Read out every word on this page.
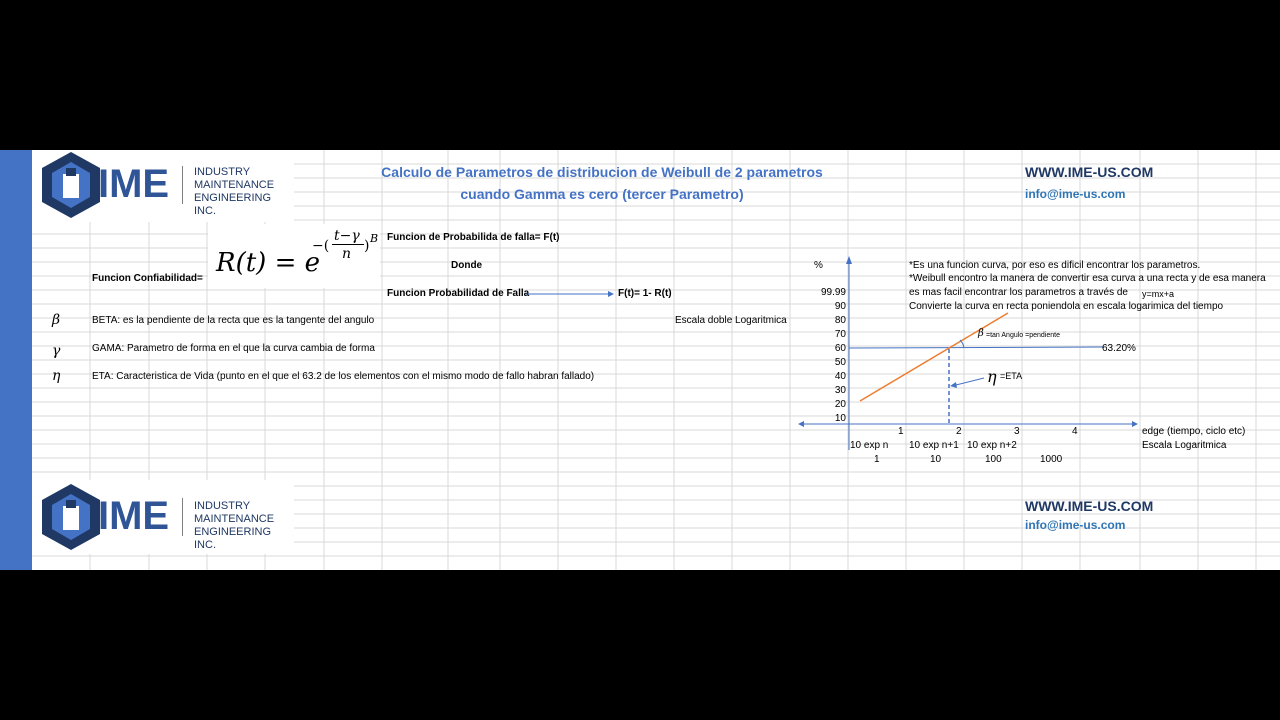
IME INDUSTRY
MAINTENANCE
ENGINEERING INC.
Calculo de Parametros de distribucion de Weibull de 2 parametros
cuando Gamma es cero (tercer Parametro)
WWW.IME-US.COM
info@ime-us.com
Funcion de Probabilida de falla= F(t)
Funcion Confiabilidad=
Donde
R(t) = e
−(
t−γ
n ) B
Funcion Probabilidad de Falla	F(t)= 1- R(t)
Escala doble Logaritmica
β	BETA: es la pendiente de la recta que es la tangente del angulo
γ	GAMA: Parametro de forma en el que la curva cambia de forma
η	ETA: Caracteristica de Vida (punto en el que el 63.2 de los elementos con el mismo modo de fallo habran fallado)
%
99.99
90
80
70
60
50
40
30
20
10
β =tan Angulo =pendiente
63.20%
η =ETA
1	2	3	4	edge (tiempo, ciclo etc)
10 exp n 10 exp n+1 10 exp n+2	Escala Logaritmica
1	10	100	1000
*Es una funcion curva, por eso es dificil encontrar los parametros.
*Weibull encontro la manera de convertir esa curva a una recta y de esa manera
es mas facil encontrar los parametros a través de y=mx+a
Convierte la curva en recta poniendola en escala logarimica del tiempo
IME INDUSTRY
MAINTENANCE
ENGINEERING INC.
WWW.IME-US.COM
info@ime-us.com
